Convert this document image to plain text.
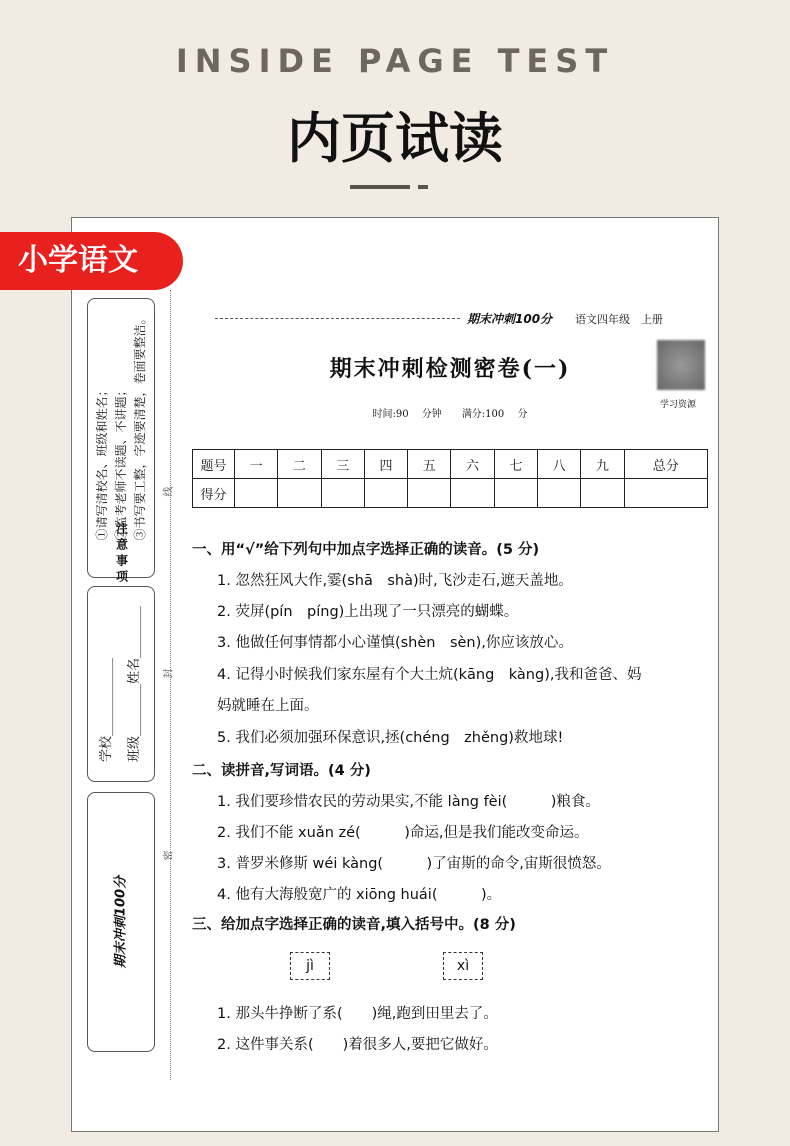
INSIDE PAGE TEST
内页试读
小学语文
注意事项
①请写清校名、班级和姓名； ②监考老师不读题、不讲题； ③书写要工整，字迹要清楚，卷面要整洁。
学校____________
班级________姓名________
期末冲刺100分
线
封
密
期末冲刺100分 语文四年级　上册
学习资源
期末冲刺检测密卷(一)
时间:90 分钟　　 满分:100 分
题号	一	二	三	四	五	六	七	八	九	总分
得分										
一、用“√”给下列句中加点字选择正确的读音。(5 分)
1. 忽然狂风大作,霎(shā　shà)时,飞沙走石,遮天盖地。
2. 荧屏(pín　píng)上出现了一只漂亮的蝴蝶。
3. 他做任何事情都小心谨慎(shèn　sèn),你应该放心。
4. 记得小时候我们家东屋有个大土炕(kāng　kàng),我和爸爸、妈
妈就睡在上面。
5. 我们必须加强环保意识,拯(chéng　zhěng)救地球!
二、读拼音,写词语。(4 分)
1. 我们要珍惜农民的劳动果实,不能 làng fèi(　　　)粮食。
2. 我们不能 xuǎn zé(　　　)命运,但是我们能改变命运。
3. 普罗米修斯 wéi kàng(　　　)了宙斯的命令,宙斯很愤怒。
4. 他有大海般宽广的 xiōng huái(　　　)。
三、给加点字选择正确的读音,填入括号中。(8 分)
1. 那头牛挣断了系(　　)绳,跑到田里去了。
2. 这件事关系(　　)着很多人,要把它做好。
jì	xì
